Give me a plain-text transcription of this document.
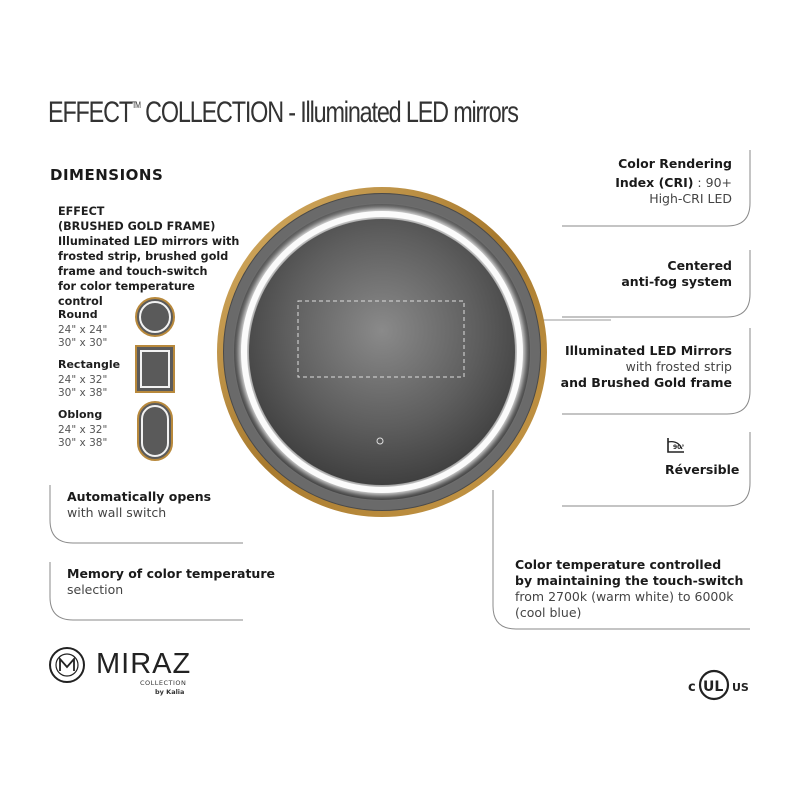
EFFECT™ COLLECTION - Illuminated LED mirrors
DIMENSIONS
EFFECT
(BRUSHED GOLD FRAME)
Illuminated LED mirrors with
frosted strip, brushed gold
frame and touch-switch
for color temperature
control
Round
24" x 24"
30" x 30"
Rectangle
24" x 32"
30" x 38"
Oblong
24" x 32"
30" x 38"
Automatically opens
with wall switch
Memory of color temperature
selection
Color Rendering
Index (CRI) : 90+
High-CRI LED
Centered
anti-fog system
Illuminated LED Mirrors
with frosted strip
and Brushed Gold frame
90°
Réversible
Color temperature controlled
by maintaining the touch-switch
from 2700k (warm white) to 6000k
(cool blue)
MIRAZ
COLLECTION
by Kalia	c UL US
